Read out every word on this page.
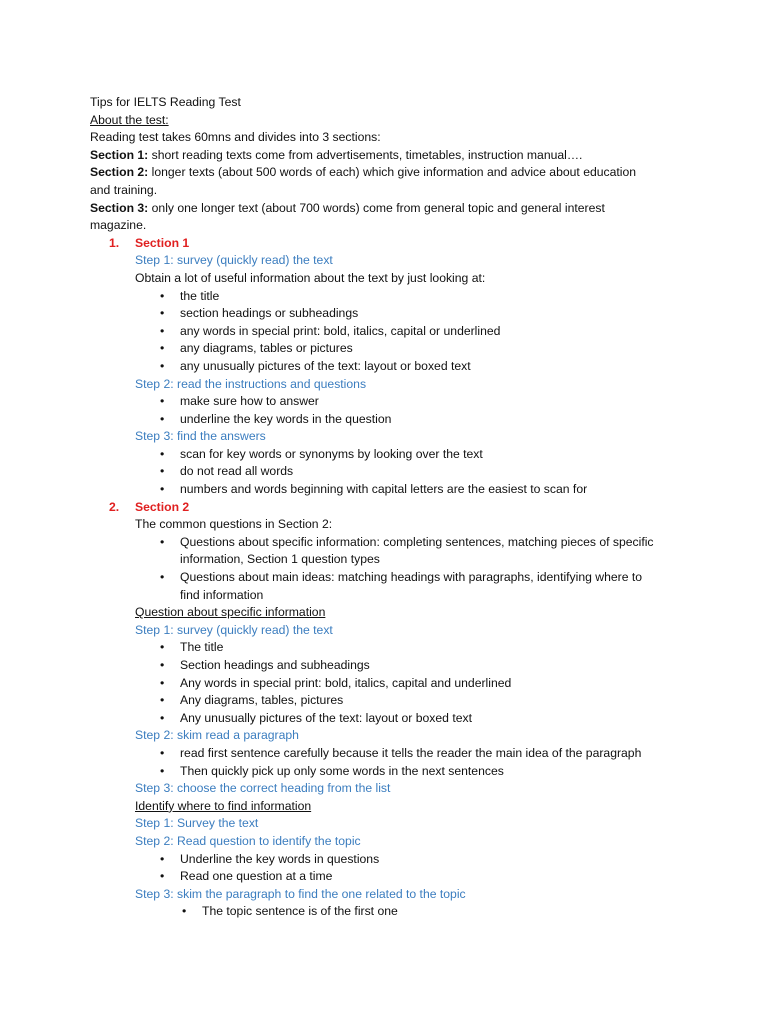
Tips for IELTS Reading Test
About the test:
Reading test takes 60mns and divides into 3 sections:
Section 1: short reading texts come from advertisements, timetables, instruction manual….
Section 2: longer texts (about 500 words of each) which give information and advice about education
and training.
Section 3: only one longer text (about 700 words) come from general topic and general interest
magazine.
1. Section 1
Step 1: survey (quickly read) the text
Obtain a lot of useful information about the text by just looking at:
• the title
• section headings or subheadings
• any words in special print: bold, italics, capital or underlined
• any diagrams, tables or pictures
• any unusually pictures of the text: layout or boxed text
Step 2: read the instructions and questions
• make sure how to answer
• underline the key words in the question
Step 3: find the answers
• scan for key words or synonyms by looking over the text
• do not read all words
• numbers and words beginning with capital letters are the easiest to scan for
2. Section 2
The common questions in Section 2:
• Questions about specific information: completing sentences, matching pieces of specific
information, Section 1 question types
• Questions about main ideas: matching headings with paragraphs, identifying where to
find information
Question about specific information
Step 1: survey (quickly read) the text
• The title
• Section headings and subheadings
• Any words in special print: bold, italics, capital and underlined
• Any diagrams, tables, pictures
• Any unusually pictures of the text: layout or boxed text
Step 2: skim read a paragraph
• read first sentence carefully because it tells the reader the main idea of the paragraph
• Then quickly pick up only some words in the next sentences
Step 3: choose the correct heading from the list
Identify where to find information
Step 1: Survey the text
Step 2: Read question to identify the topic
• Underline the key words in questions
• Read one question at a time
Step 3: skim the paragraph to find the one related to the topic
• The topic sentence is of the first one
